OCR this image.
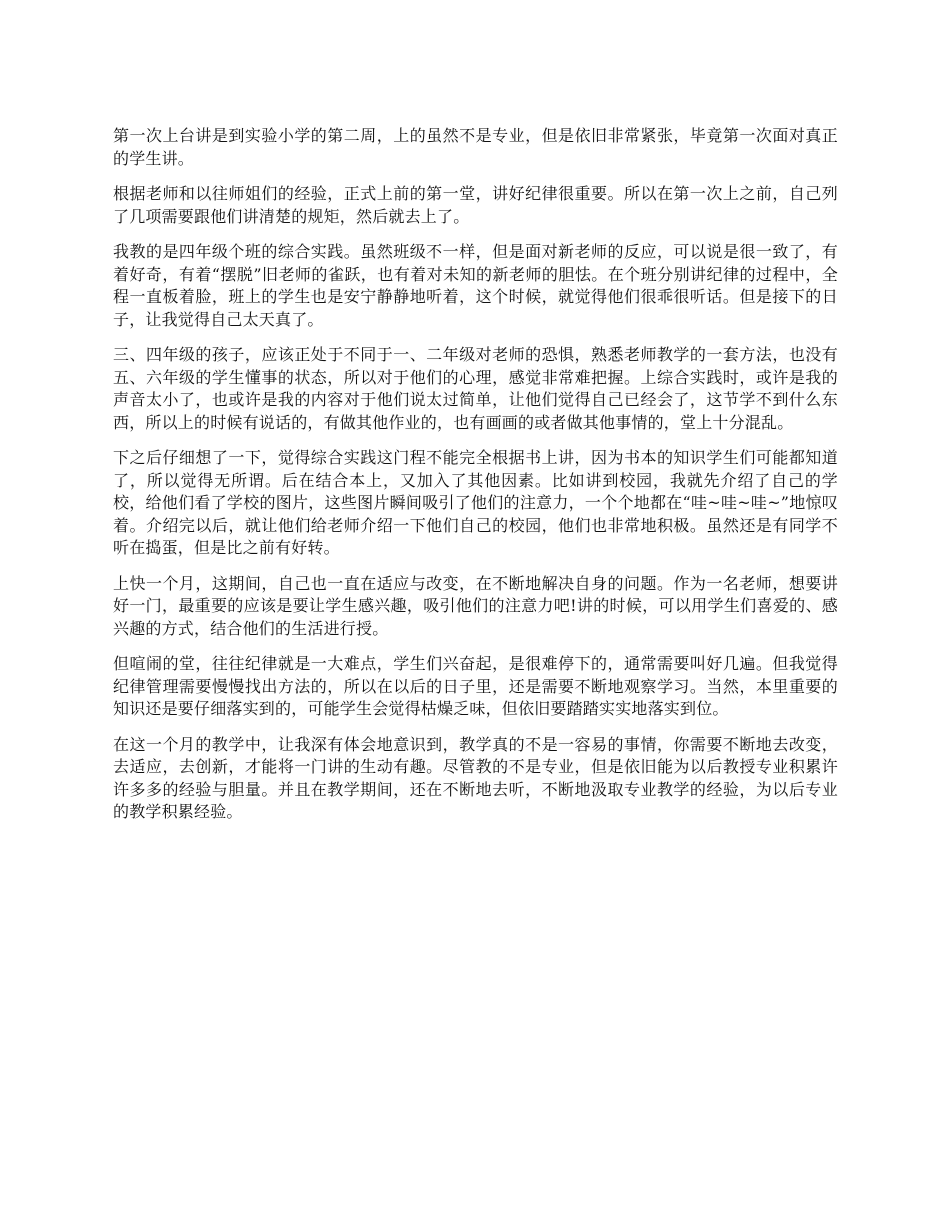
第一次上台讲是到实验小学的第二周，上的虽然不是专业，但是依旧非常紧张，毕竟第一次面对真正的学生讲。

根据老师和以往师姐们的经验，正式上前的第一堂，讲好纪律很重要。所以在第一次上之前，自己列了几项需要跟他们讲清楚的规矩，然后就去上了。

我教的是四年级个班的综合实践。虽然班级不一样，但是面对新老师的反应，可以说是很一致了，有着好奇，有着“摆脱”旧老师的雀跃，也有着对未知的新老师的胆怯。在个班分别讲纪律的过程中，全程一直板着脸，班上的学生也是安宁静静地听着，这个时候，就觉得他们很乖很听话。但是接下的日子，让我觉得自己太天真了。

三、四年级的孩子，应该正处于不同于一、二年级对老师的恐惧，熟悉老师教学的一套方法，也没有五、六年级的学生懂事的状态，所以对于他们的心理，感觉非常难把握。上综合实践时，或许是我的声音太小了，也或许是我的内容对于他们说太过简单，让他们觉得自己已经会了，这节学不到什么东西，所以上的时候有说话的，有做其他作业的，也有画画的或者做其他事情的，堂上十分混乱。

下之后仔细想了一下，觉得综合实践这门程不能完全根据书上讲，因为书本的知识学生们可能都知道了，所以觉得无所谓。后在结合本上，又加入了其他因素。比如讲到校园，我就先介绍了自己的学校，给他们看了学校的图片，这些图片瞬间吸引了他们的注意力，一个个地都在“哇~哇~哇~”地惊叹着。介绍完以后，就让他们给老师介绍一下他们自己的校园，他们也非常地积极。虽然还是有同学不听在捣蛋，但是比之前有好转。

上快一个月，这期间，自己也一直在适应与改变，在不断地解决自身的问题。作为一名老师，想要讲好一门，最重要的应该是要让学生感兴趣，吸引他们的注意力吧!讲的时候，可以用学生们喜爱的、感兴趣的方式，结合他们的生活进行授。

但喧闹的堂，往往纪律就是一大难点，学生们兴奋起，是很难停下的，通常需要叫好几遍。但我觉得纪律管理需要慢慢找出方法的，所以在以后的日子里，还是需要不断地观察学习。当然，本里重要的知识还是要仔细落实到的，可能学生会觉得枯燥乏味，但依旧要踏踏实实地落实到位。

在这一个月的教学中，让我深有体会地意识到，教学真的不是一容易的事情，你需要不断地去改变，去适应，去创新，才能将一门讲的生动有趣。尽管教的不是专业，但是依旧能为以后教授专业积累许许多多的经验与胆量。并且在教学期间，还在不断地去听，不断地汲取专业教学的经验，为以后专业的教学积累经验。
